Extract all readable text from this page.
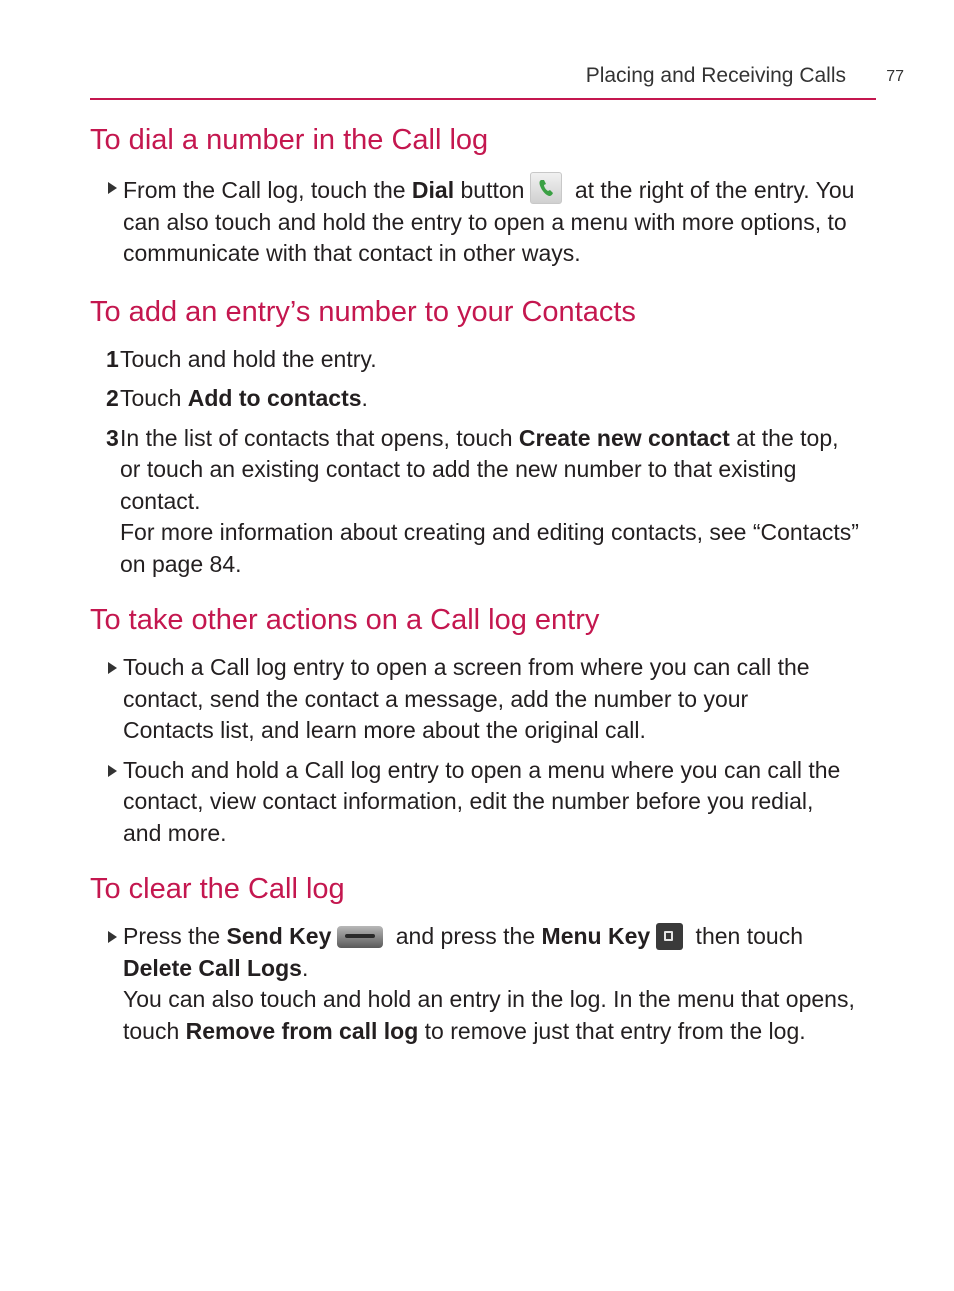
Placing and Receiving Calls	77
To dial a number in the Call log

From the Call log, touch the Dial button
at the right of the entry. You can also touch and hold the entry to open a menu with more options, to communicate with that contact in other ways.

To add an entry’s number to your Contacts

1 Touch and hold the entry.

2 Touch Add to contacts.

3 In the list of contacts that opens, touch Create new contact at the top, or touch an existing contact to add the new number to that existing contact.

For more information about creating and editing contacts, see “Contacts” on page 84.

To take other actions on a Call log entry

Touch a Call log entry to open a screen from where you can call the contact, send the contact a message, add the number to your Contacts list, and learn more about the original call.

Touch and hold a Call log entry to open a menu where you can call the contact, view contact information, edit the number before you redial, and more.

To clear the Call log

Press the Send Key	and press the Menu Key then touch Delete Call Logs.

You can also touch and hold an entry in the log. In the menu that opens, touch Remove from call log to remove just that entry from the log.
